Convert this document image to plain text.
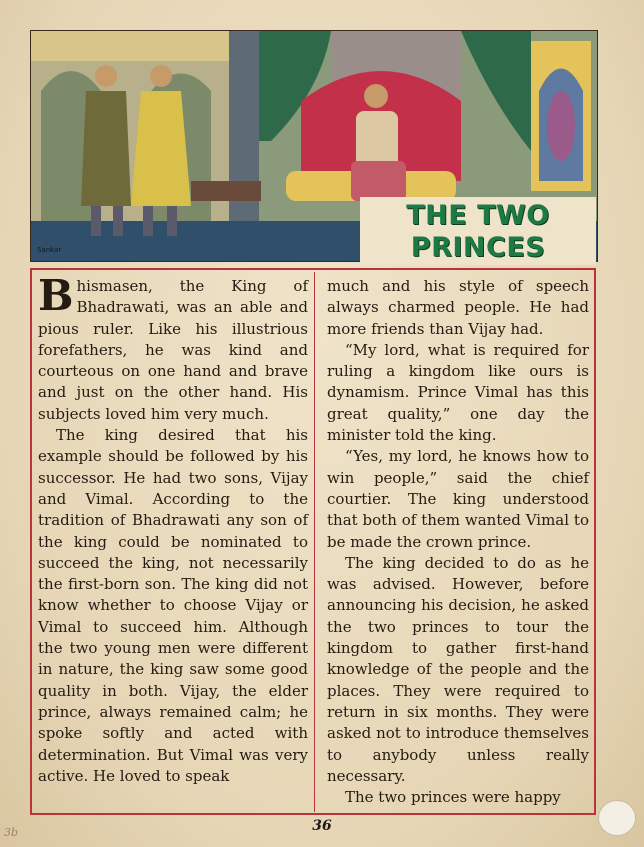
THE TWO
PRINCES
Sankar

Bhismasen, the King of Bhadrawati, was an able and pious ruler. Like his illustrious forefathers, he was kind and courteous on one hand and brave and just on the other hand. His subjects loved him very much.

The king desired that his example should be followed by his successor. He had two sons, Vijay and Vimal. According to the tradition of Bhadrawati any son of the king could be nominated to succeed the king, not necessarily the first-born son. The king did not know whether to choose Vijay or Vimal to succeed him. Although the two young men were different in nature, the king saw some good quality in both. Vijay, the elder prince, always remained calm; he spoke softly and acted with determination. But Vimal was very active. He loved to speak

much and his style of speech always charmed people. He had more friends than Vijay had.

“My lord, what is required for ruling a kingdom like ours is dynamism. Prince Vimal has this great quality,” one day the minister told the king.

“Yes, my lord, he knows how to win people,” said the chief courtier. The king understood that both of them wanted Vimal to be made the crown prince.

The king decided to do as he was advised. However, before announcing his decision, he asked the two princes to tour the kingdom to gather first-hand knowledge of the people and the places. They were required to return in six months. They were asked not to introduce themselves to anybody unless really necessary.

The two princes were happy

36
3b
